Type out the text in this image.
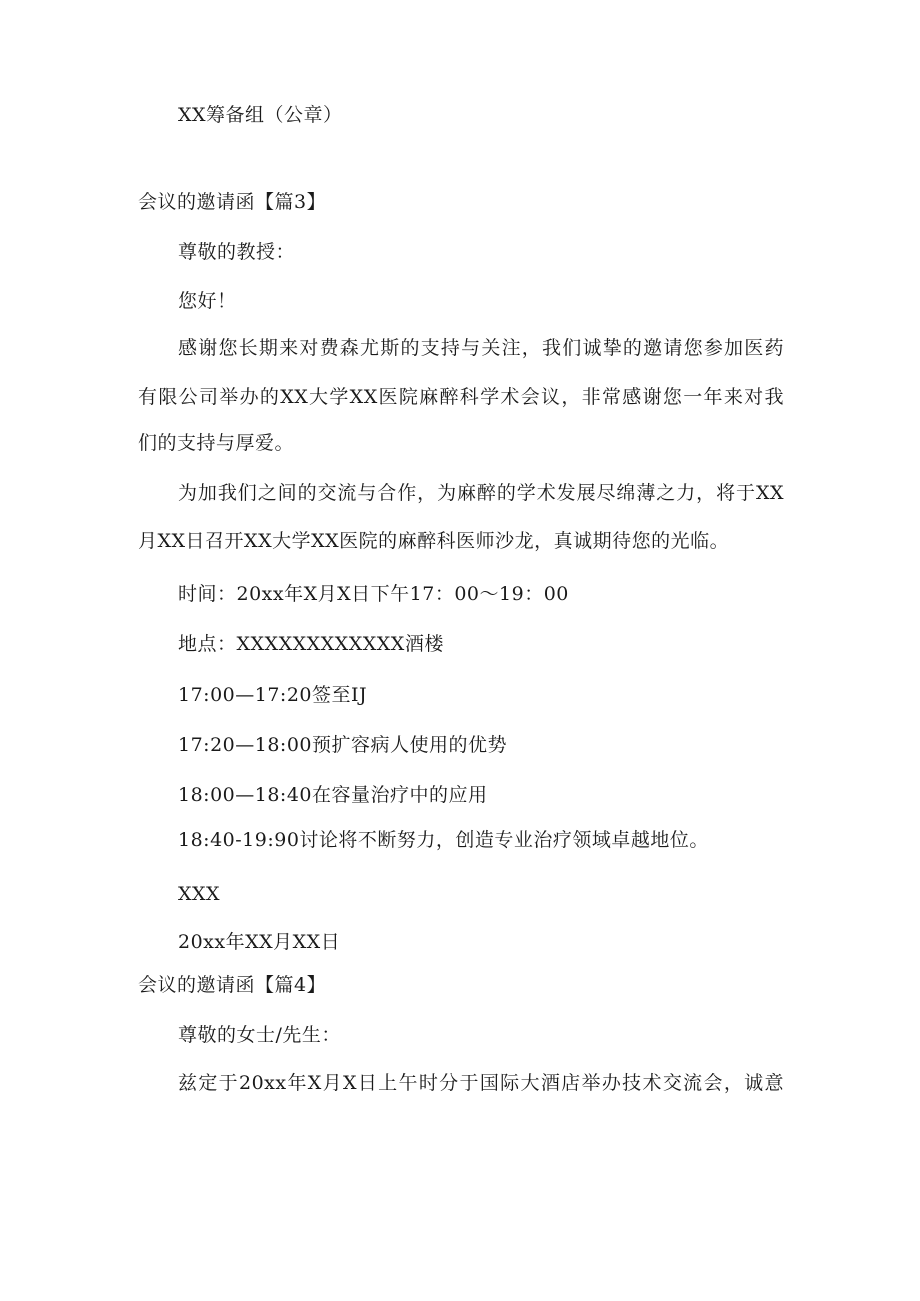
XX筹备组（公章）
会议的邀请函【篇3】
尊敬的教授：
您好！
感谢您长期来对费森尤斯的支持与关注，我们诚挚的邀请您参加医药
有限公司举办的XX大学XX医院麻醉科学术会议，非常感谢您一年来对我
们的支持与厚爱。
为加我们之间的交流与合作，为麻醉的学术发展尽绵薄之力，将于XX
月XX日召开XX大学XX医院的麻醉科医师沙龙，真诚期待您的光临。
时间：20xx年X月X日下午17：00～19：00
地点：XXXXXXXXXXXX酒楼
17:00—17:20签至IJ
17:20—18:00预扩容病人使用的优势
18:00—18:40在容量治疗中的应用
18:40-19:90讨论将不断努力，创造专业治疗领域卓越地位。
XXX
20xx年XX月XX日
会议的邀请函【篇4】
尊敬的女士/先生：
兹定于20xx年X月X日上午时分于国际大酒店举办技术交流会，诚意
